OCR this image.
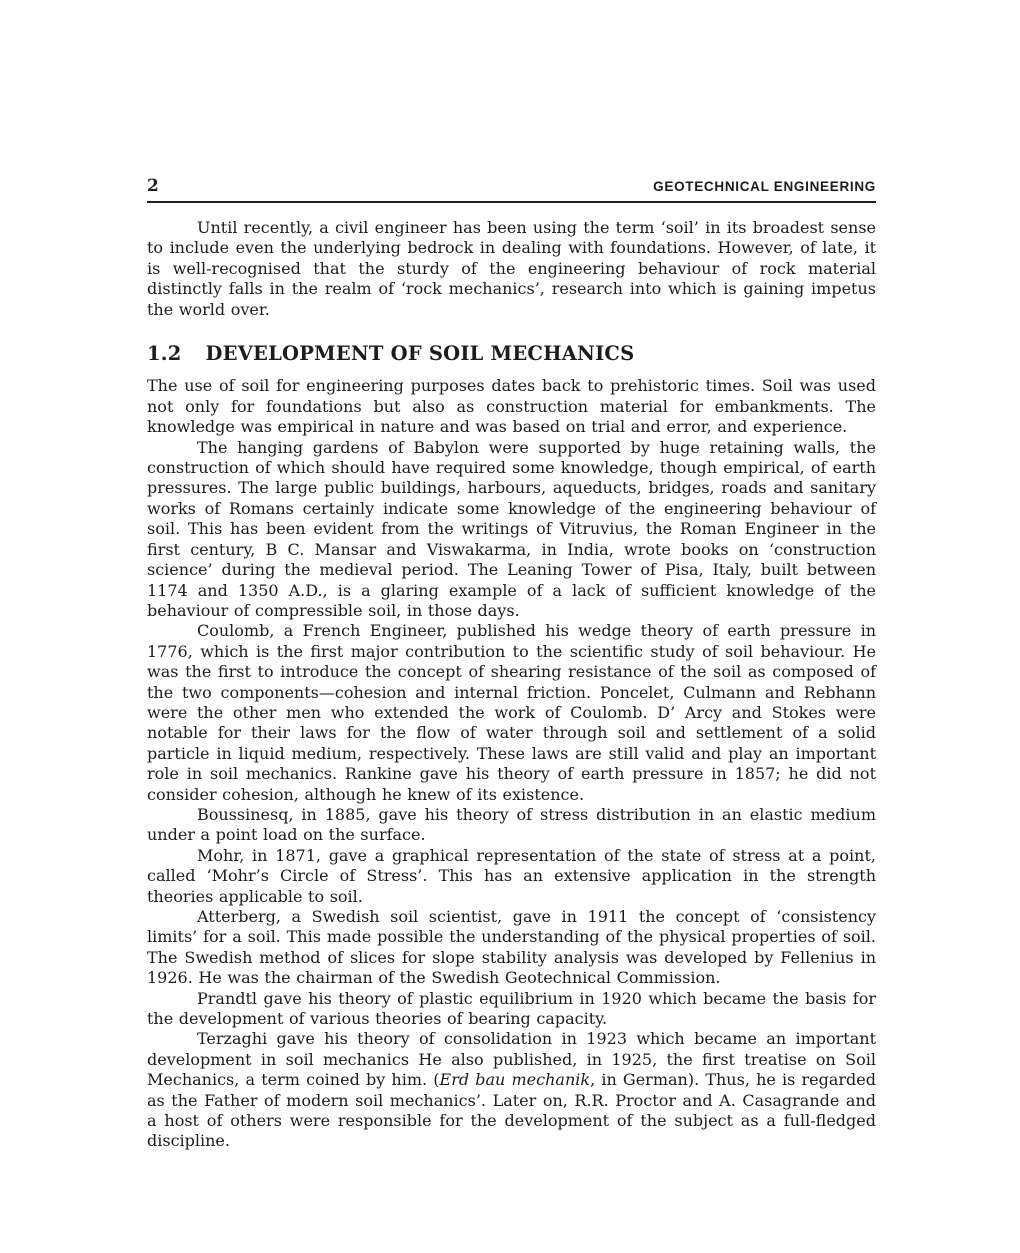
2	GEOTECHNICAL ENGINEERING

Until recently, a civil engineer has been using the term ‘soil’ in its broadest sense to include even the underlying bedrock in dealing with foundations. However, of late, it is well-recognised that the sturdy of the engineering behaviour of rock material distinctly falls in the realm of ‘rock mechanics’, research into which is gaining impetus the world over.

1.2 DEVELOPMENT OF SOIL MECHANICS

The use of soil for engineering purposes dates back to prehistoric times. Soil was used not only for foundations but also as construction material for embankments. The knowledge was empirical in nature and was based on trial and error, and experience.

The hanging gardens of Babylon were supported by huge retaining walls, the construction of which should have required some knowledge, though empirical, of earth pressures. The large public buildings, harbours, aqueducts, bridges, roads and sanitary works of Romans certainly indicate some knowledge of the engineering behaviour of soil. This has been evident from the writings of Vitruvius, the Roman Engineer in the first century, B C. Mansar and Viswakarma, in India, wrote books on ‘construction science’ during the medieval period. The Leaning Tower of Pisa, Italy, built between 1174 and 1350 A.D., is a glaring example of a lack of sufficient knowledge of the behaviour of compressible soil, in those days.

Coulomb, a French Engineer, published his wedge theory of earth pressure in 1776, which is the first major contribution to the scientific study of soil behaviour. He was the first to introduce the concept of shearing resistance of the soil as composed of the two components—cohesion and internal friction. Poncelet, Culmann and Rebhann were the other men who extended the work of Coulomb. D’ Arcy and Stokes were notable for their laws for the flow of water through soil and settlement of a solid particle in liquid medium, respectively. These laws are still valid and play an important role in soil mechanics. Rankine gave his theory of earth pressure in 1857; he did not consider cohesion, although he knew of its existence.

Boussinesq, in 1885, gave his theory of stress distribution in an elastic medium under a point load on the surface.

Mohr, in 1871, gave a graphical representation of the state of stress at a point, called ‘Mohr’s Circle of Stress’. This has an extensive application in the strength theories applicable to soil.

Atterberg, a Swedish soil scientist, gave in 1911 the concept of ‘consistency limits’ for a soil. This made possible the understanding of the physical properties of soil. The Swedish method of slices for slope stability analysis was developed by Fellenius in 1926. He was the chairman of the Swedish Geotechnical Commission.

Prandtl gave his theory of plastic equilibrium in 1920 which became the basis for the development of various theories of bearing capacity.

Terzaghi gave his theory of consolidation in 1923 which became an important development in soil mechanics He also published, in 1925, the first treatise on Soil Mechanics, a term coined by him. (Erd bau mechanik, in German). Thus, he is regarded as the Father of modern soil mechanics’. Later on, R.R. Proctor and A. Casagrande and a host of others were responsible for the development of the subject as a full-fledged discipline.
